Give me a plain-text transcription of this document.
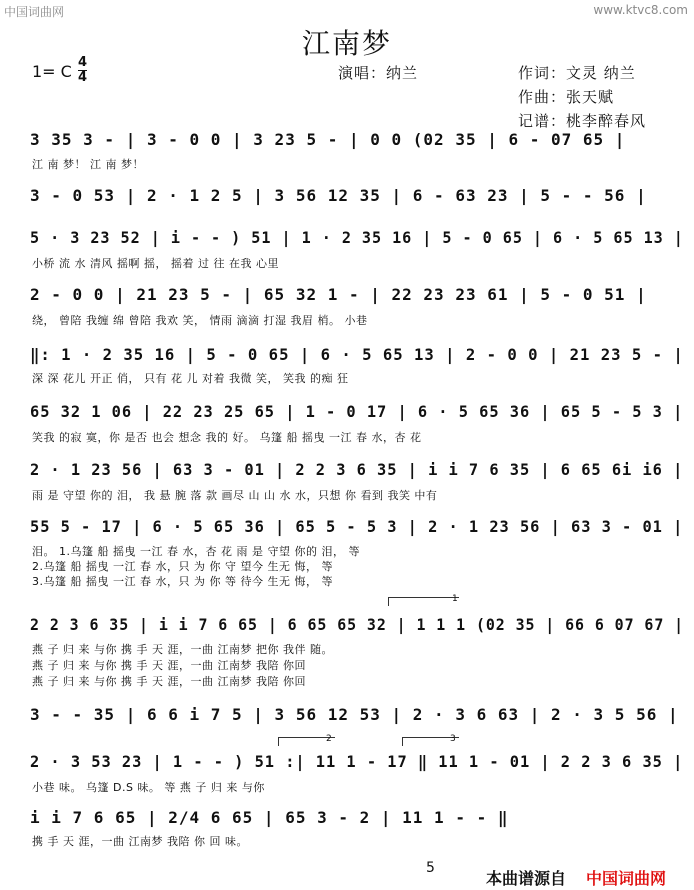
中国词曲网	www.ktvc8.com
江南梦
1= C $\frac{4}{4}$	演唱：纳兰	作词：文灵 纳兰
作曲：张天赋
记谱：桃李醉春风
3 35 3 - | 3 - 0 0 | 3 23 5 - | 0 0 (02 35 | 6 - 07 65 |
江 南 梦！ 江 南 梦！
3 - 0 53 | 2 · 1 2 5 | 3 56 12 35 | 6 - 63 23 | 5 - - 56 |
5 · 3 23 52 | i - - ) 51 | 1 · 2 35 16 | 5 - 0 65 | 6 · 5 65 13 |
小桥 流 水 清风 摇啊 摇， 摇着 过 往 在我 心里
2 - 0 0 | 21 23 5 - | 65 32 1 - | 22 23 23 61 | 5 - 0 51 |
绕， 曾陪 我缠 绵 曾陪 我欢 笑， 情雨 滴滴 打湿 我眉 梢。 小巷
‖: 1 · 2 35 16 | 5 - 0 65 | 6 · 5 65 13 | 2 - 0 0 | 21 23 5 - |
深 深 花儿 开正 俏， 只有 花 儿 对着 我微 笑， 笑我 的痴 狂
65 32 1 06 | 22 23 25 65 | 1 - 0 17 | 6 · 5 65 36 | 65 5 - 5 3 |
笑我 的寂 寞，你 是否 也会 想念 我的 好。 乌篷 船 摇曳 一江 春 水，杏 花
2 · 1 23 56 | 63 3 - 01 | 2 2 3 6 35 | i i 7 6 35 | 6 65 6i i6 |
雨 是 守望 你的 泪， 我 悬 腕 落 款 画尽 山 山 水 水，只想 你 看到 我笑 中有
55 5 - 17 | 6 · 5 65 36 | 65 5 - 5 3 | 2 · 1 23 56 | 63 3 - 01 |
泪。 1.乌篷 船 摇曳 一江 春 水，杏 花 雨 是 守望 你的 泪， 等
2.乌篷 船 摇曳 一江 春 水，只 为 你 守 望今 生无 悔， 等
3.乌篷 船 摇曳 一江 春 水，只 为 你 等 待今 生无 悔， 等
1
2 2 3 6 35 | i i 7 6 65 | 6 65 65 32 | 1 1 1 (02 35 | 66 6 07 67 |
燕 子 归 来 与你 携 手 天 涯，一曲 江南梦 把你 我伴 随。
燕 子 归 来 与你 携 手 天 涯，一曲 江南梦 我陪 你回
燕 子 归 来 与你 携 手 天 涯，一曲 江南梦 我陪 你回
3 - - 35 | 6 6 i 7 5 | 3 56 12 53 | 2 · 3 6 63 | 2 · 3 5 56 |
2	3
2 · 3 53 23 | 1 - - ) 51 :| 11 1 - 17 ‖ 11 1 - 01 | 2 2 3 6 35 |
小巷 味。 乌篷 D.S 味。 等 燕 子 归 来 与你
i i 7 6 65 | 2/4 6 65 | 65 3 - 2 | 11 1 - - ‖
携 手 天 涯，一曲 江南梦 我陪 你 回 味。
5
本曲谱源自 中国词曲网
